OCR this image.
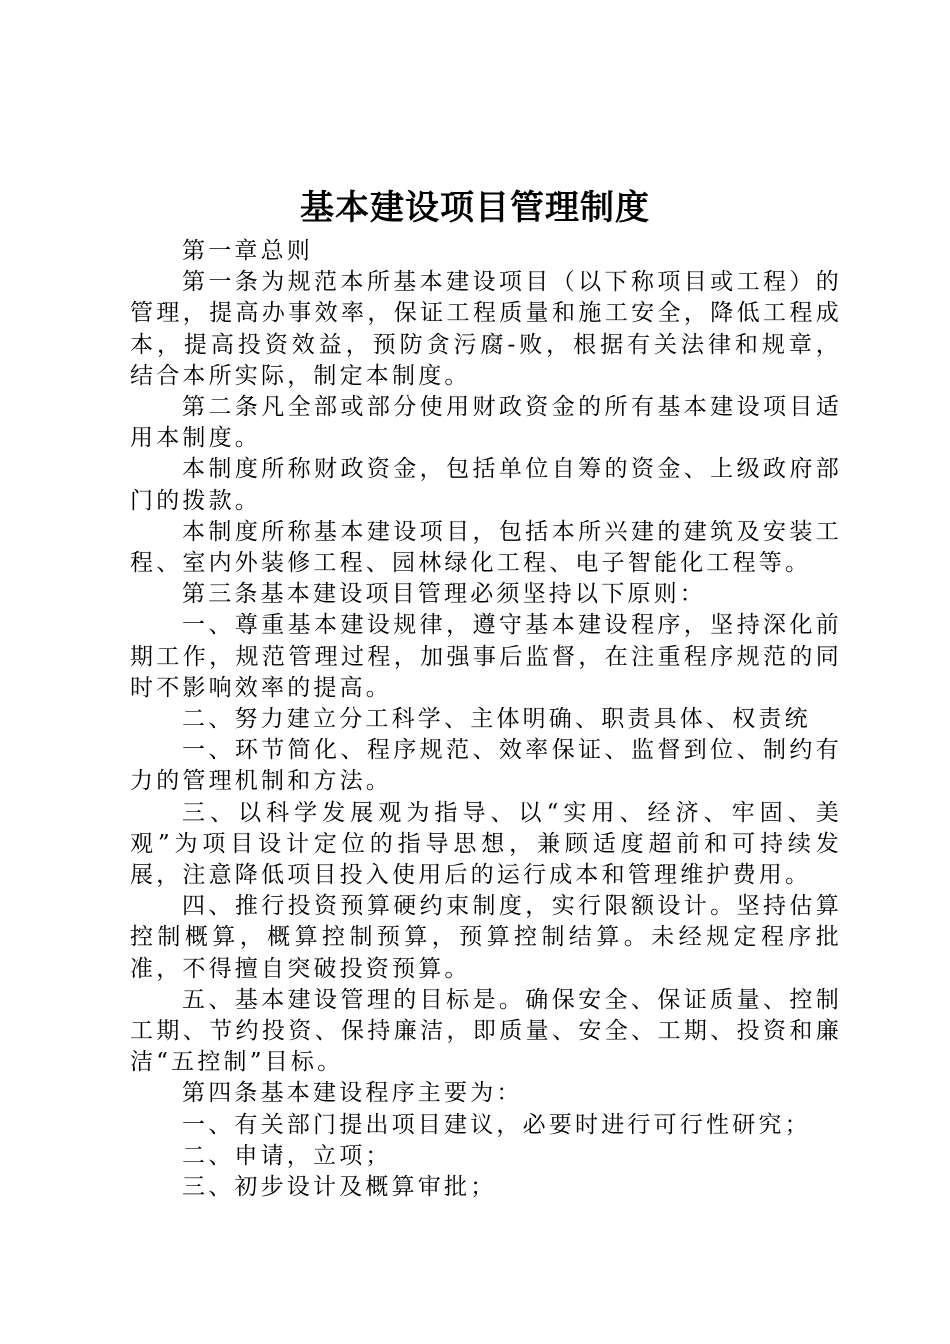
基本建设项目管理制度

第一章总则

第一条为规范本所基本建设项目（以下称项目或工程）的管理，提高办事效率，保证工程质量和施工安全，降低工程成本，提高投资效益，预防贪污腐-败，根据有关法律和规章，结合本所实际，制定本制度。

第二条凡全部或部分使用财政资金的所有基本建设项目适用本制度。

本制度所称财政资金，包括单位自筹的资金、上级政府部门的拨款。

本制度所称基本建设项目，包括本所兴建的建筑及安装工程、室内外装修工程、园林绿化工程、电子智能化工程等。

第三条基本建设项目管理必须坚持以下原则：

一、尊重基本建设规律，遵守基本建设程序，坚持深化前期工作，规范管理过程，加强事后监督，在注重程序规范的同时不影响效率的提高。

二、努力建立分工科学、主体明确、职责具体、权责统

一、环节简化、程序规范、效率保证、监督到位、制约有力的管理机制和方法。

三、以科学发展观为指导、以“实用、经济、牢固、美观”为项目设计定位的指导思想，兼顾适度超前和可持续发展，注意降低项目投入使用后的运行成本和管理维护费用。

四、推行投资预算硬约束制度，实行限额设计。坚持估算控制概算，概算控制预算，预算控制结算。未经规定程序批准，不得擅自突破投资预算。

五、基本建设管理的目标是。确保安全、保证质量、控制工期、节约投资、保持廉洁，即质量、安全、工期、投资和廉洁“五控制”目标。

第四条基本建设程序主要为：

一、有关部门提出项目建议，必要时进行可行性研究；

二、申请，立项；

三、初步设计及概算审批；
